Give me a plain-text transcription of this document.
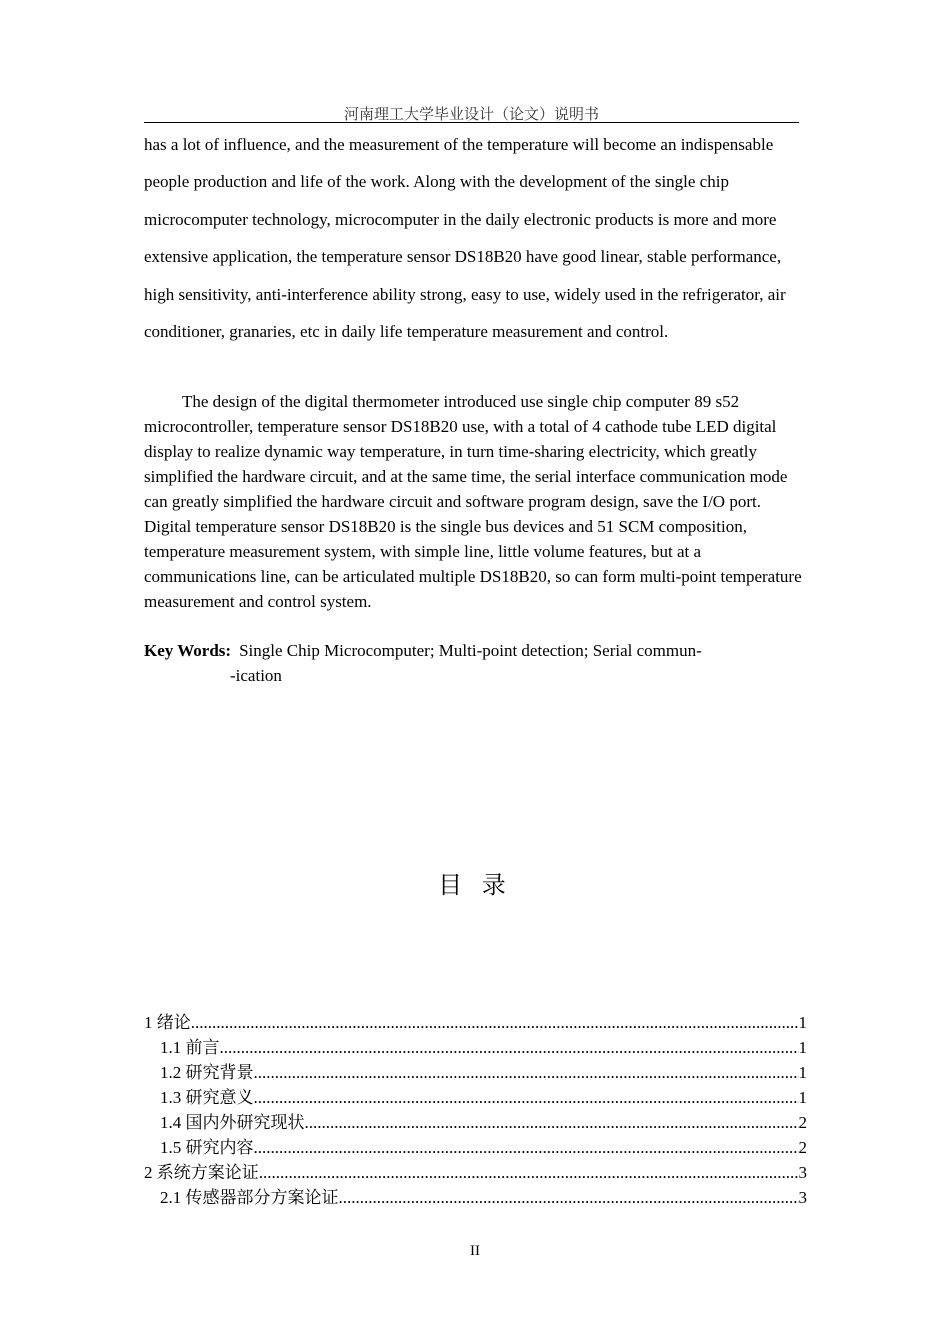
河南理工大学毕业设计（论文）说明书

has a lot of influence, and the measurement of the temperature will become an indispensable people production and life of the work. Along with the development of the single chip microcomputer technology, microcomputer in the daily electronic products is more and more extensive application, the temperature sensor DS18B20 have good linear, stable performance, high sensitivity, anti-interference ability strong, easy to use, widely used in the refrigerator, air conditioner, granaries, etc in daily life temperature measurement and control.

The design of the digital thermometer introduced use single chip computer 89 s52 microcontroller, temperature sensor DS18B20 use, with a total of 4 cathode tube LED digital display to realize dynamic way temperature, in turn time-sharing electricity, which greatly simplified the hardware circuit, and at the same time, the serial interface communication mode can greatly simplified the hardware circuit and software program design, save the I/O port. Digital temperature sensor DS18B20 is the single bus devices and 51 SCM composition, temperature measurement system, with simple line, little volume features, but at a communications line, can be articulated multiple DS18B20, so can form multi-point temperature measurement and control system.

Key Words: Single Chip Microcomputer; Multi-point detection; Serial commun-
-ication

目 录
1 绪论 .....	1
1.1 前言 .....	1
1.2 研究背景 .....	1
1.3 研究意义 .....	1
1.4 国内外研究现状 .....	2
1.5 研究内容 .....	2
2 系统方案论证 .....	3
2.1 传感器部分方案论证 .....	3
II
